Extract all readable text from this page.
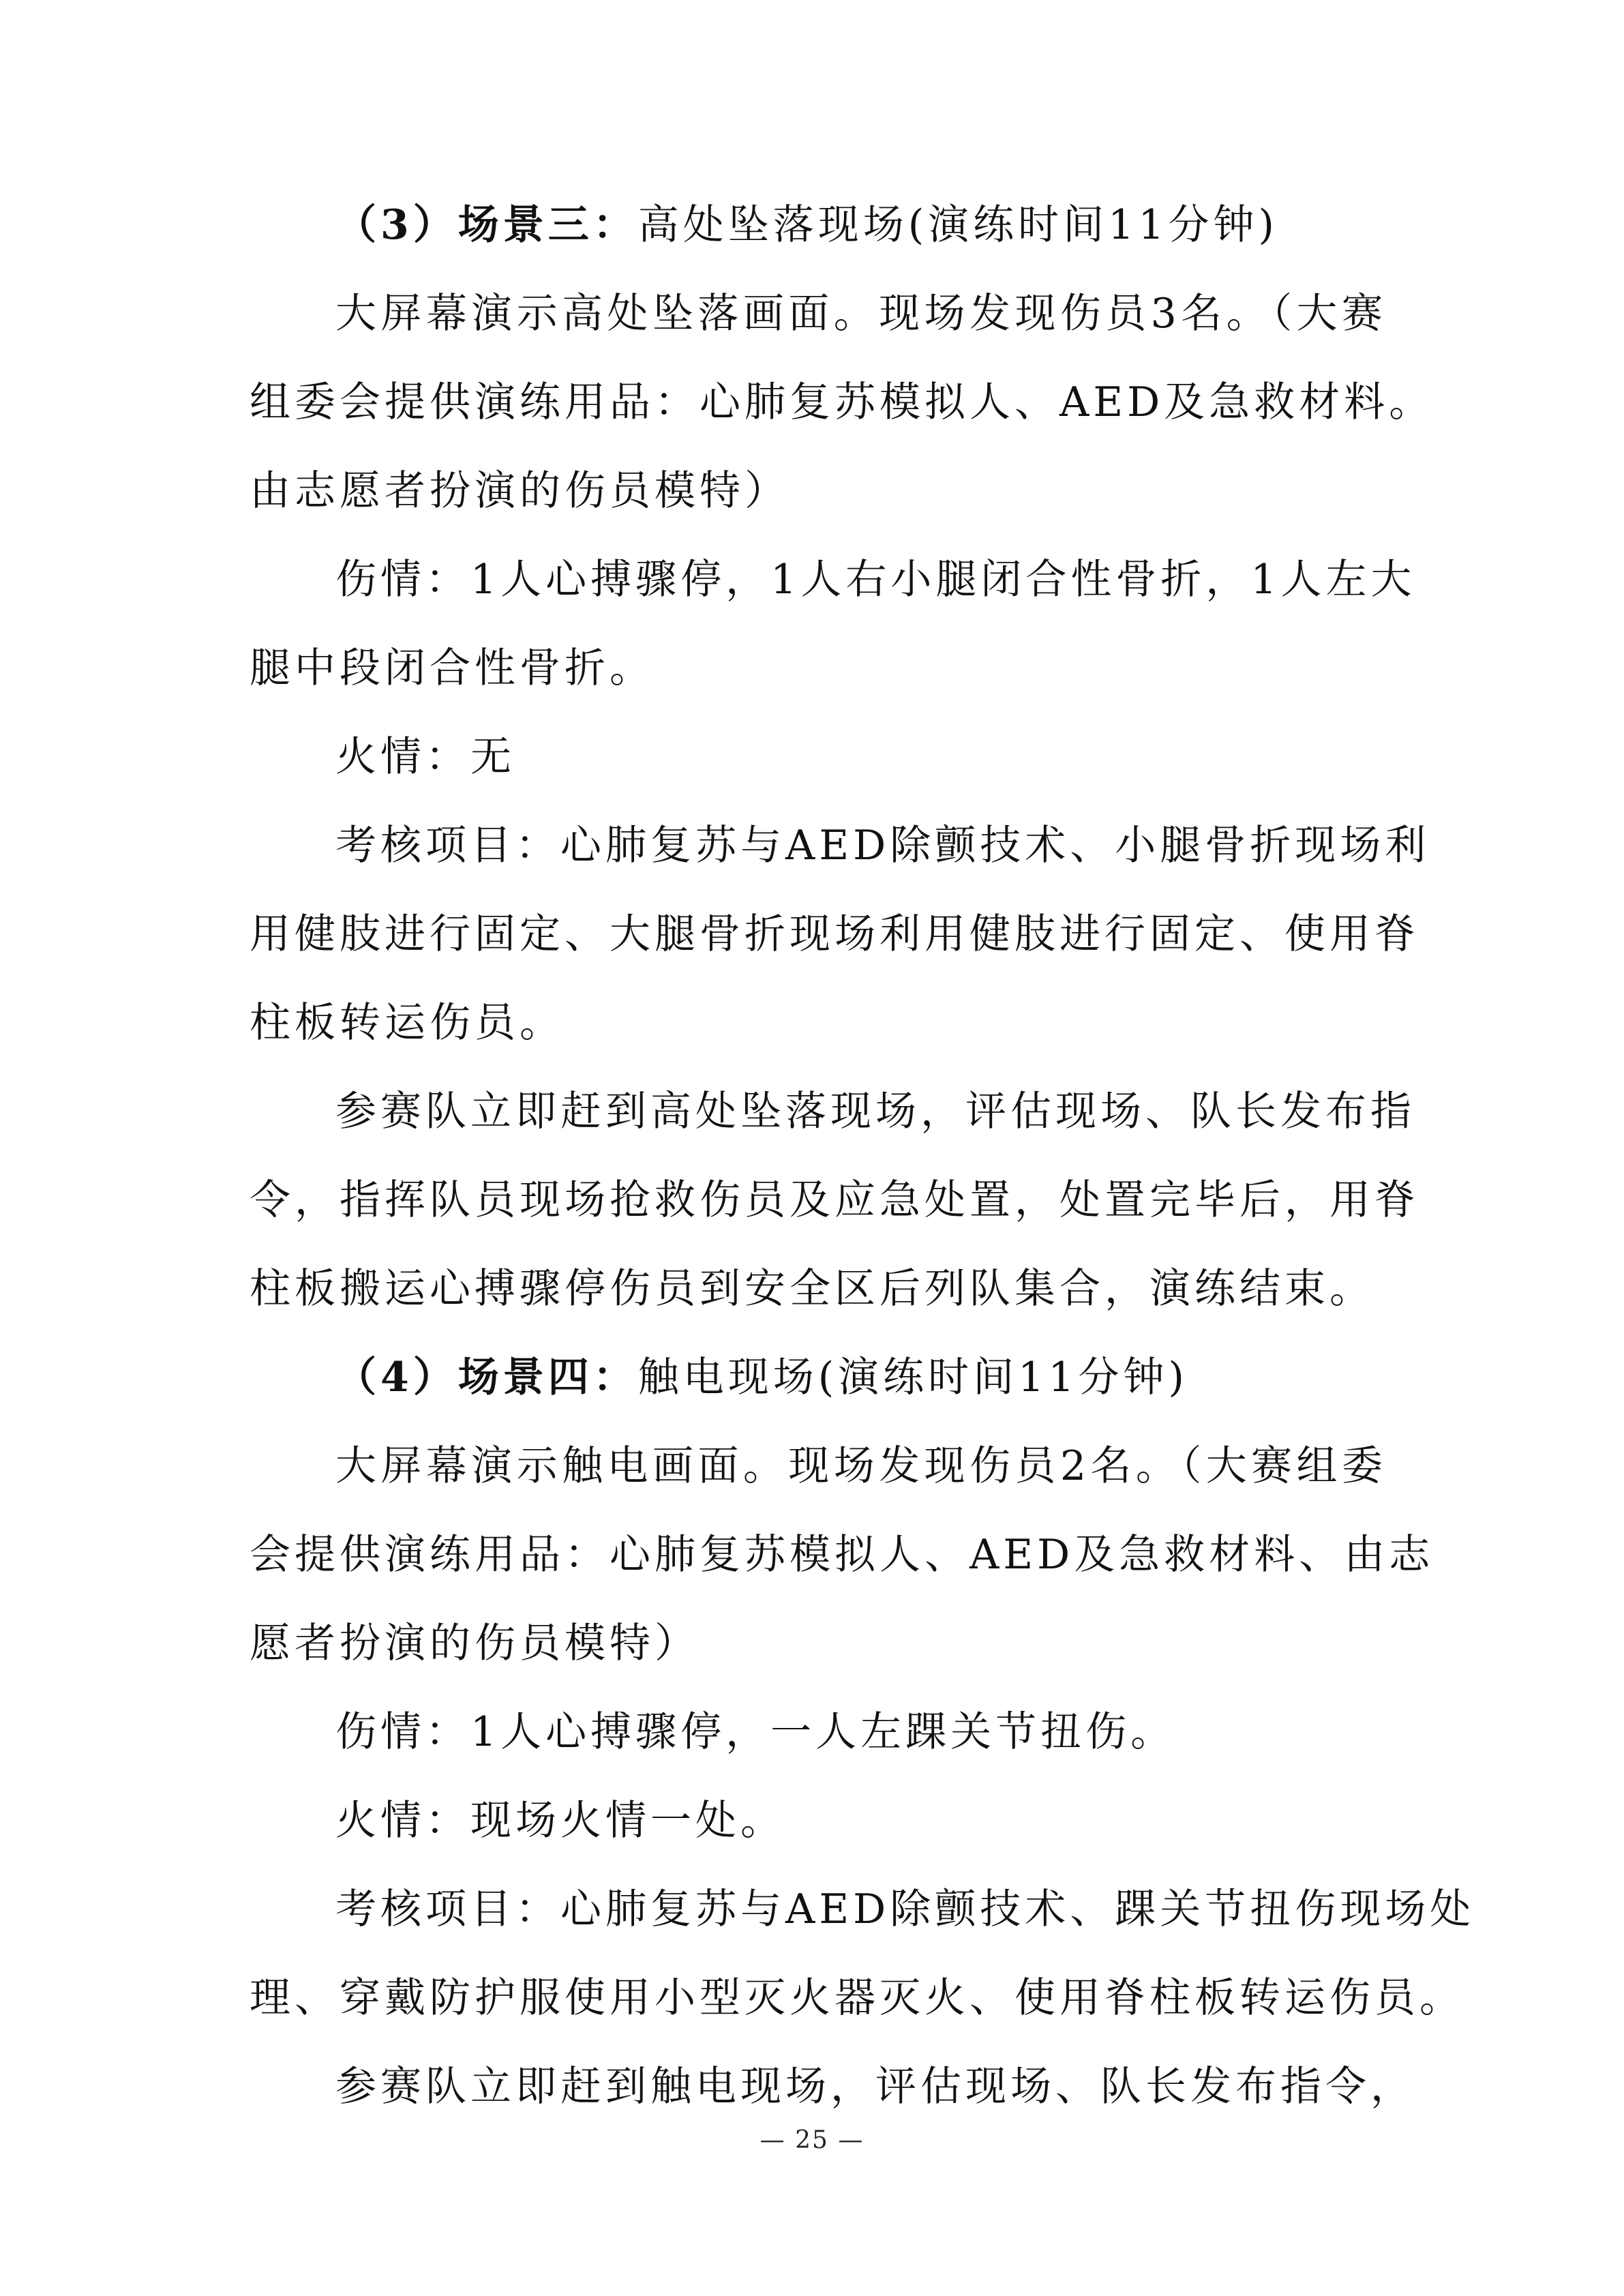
（3）场景三：高处坠落现场(演练时间11分钟)
大屏幕演示高处坠落画面。现场发现伤员3名。（大赛
组委会提供演练用品：心肺复苏模拟人、AED及急救材料。
由志愿者扮演的伤员模特）
伤情：1人心搏骤停，1人右小腿闭合性骨折，1人左大
腿中段闭合性骨折。
火情：无
考核项目：心肺复苏与AED除颤技术、小腿骨折现场利
用健肢进行固定、大腿骨折现场利用健肢进行固定、使用脊
柱板转运伤员。
参赛队立即赶到高处坠落现场，评估现场、队长发布指
令，指挥队员现场抢救伤员及应急处置，处置完毕后，用脊
柱板搬运心搏骤停伤员到安全区后列队集合，演练结束。
（4）场景四：触电现场(演练时间11分钟)
大屏幕演示触电画面。现场发现伤员2名。（大赛组委
会提供演练用品：心肺复苏模拟人、AED及急救材料、由志
愿者扮演的伤员模特）
伤情：1人心搏骤停，一人左踝关节扭伤。
火情：现场火情一处。
考核项目：心肺复苏与AED除颤技术、踝关节扭伤现场处
理、穿戴防护服使用小型灭火器灭火、使用脊柱板转运伤员。
参赛队立即赶到触电现场，评估现场、队长发布指令，
— 25 —
